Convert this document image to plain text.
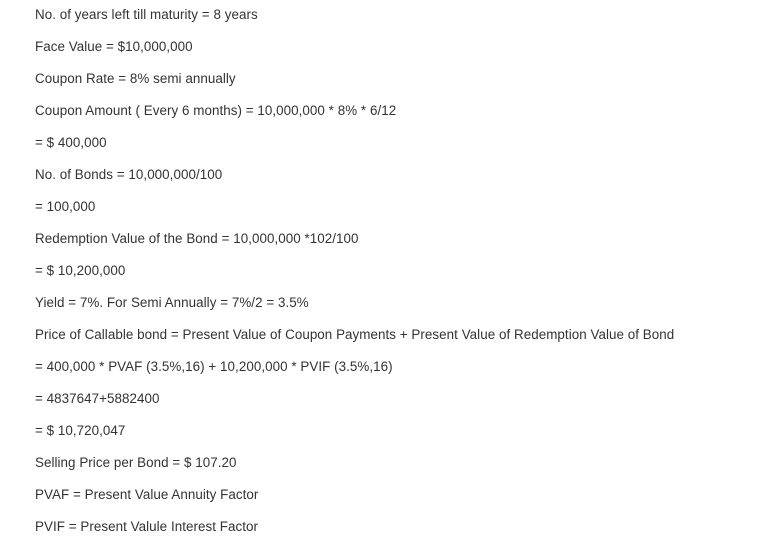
No. of years left till maturity = 8 years
Face Value = $10,000,000
Coupon Rate = 8% semi annually
Coupon Amount ( Every 6 months) = 10,000,000 * 8% * 6/12
= $ 400,000
No. of Bonds = 10,000,000/100
= 100,000
Redemption Value of the Bond = 10,000,000 *102/100
= $ 10,200,000
Yield = 7%. For Semi Annually = 7%/2 = 3.5%
Price of Callable bond = Present Value of Coupon Payments + Present Value of Redemption Value of Bond
= 400,000 * PVAF (3.5%,16) + 10,200,000 * PVIF (3.5%,16)
= 4837647+5882400
= $ 10,720,047
Selling Price per Bond = $ 107.20
PVAF = Present Value Annuity Factor
PVIF = Present Valule Interest Factor
